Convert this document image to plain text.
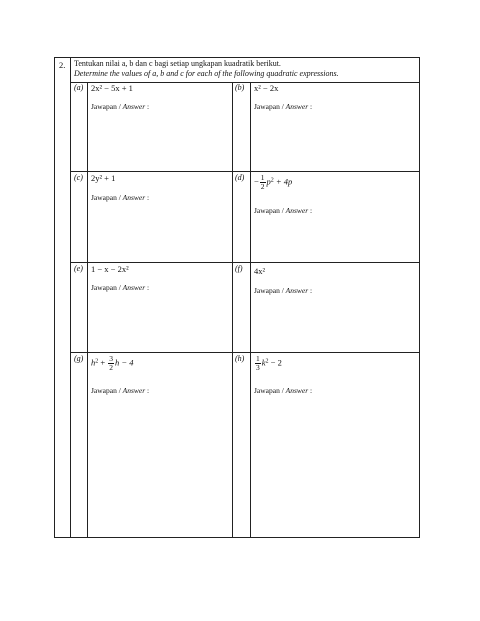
2. Tentukan nilai a, b dan c bagi setiap ungkapan kuadratik berikut.
Determine the values of a, b and c for each of the following quadratic expressions.
(a) 2x² − 5x + 1
Jawapan / Answer :
(b) x² − 2x
Jawapan / Answer :
(c) 2y² + 1
Jawapan / Answer :
$(d) - \frac{1}{2} p^2 + 4p$
Jawapan / Answer :
(e) 1 − x − 2x²
Jawapan / Answer :
(f) 4x²
Jawapan / Answer :
(g) $h^2 + \frac{3}{2}$ h − 4
Jawapan / Answer :
$(h) \frac{1}{3} k^2 - 2$
Jawapan / Answer :
